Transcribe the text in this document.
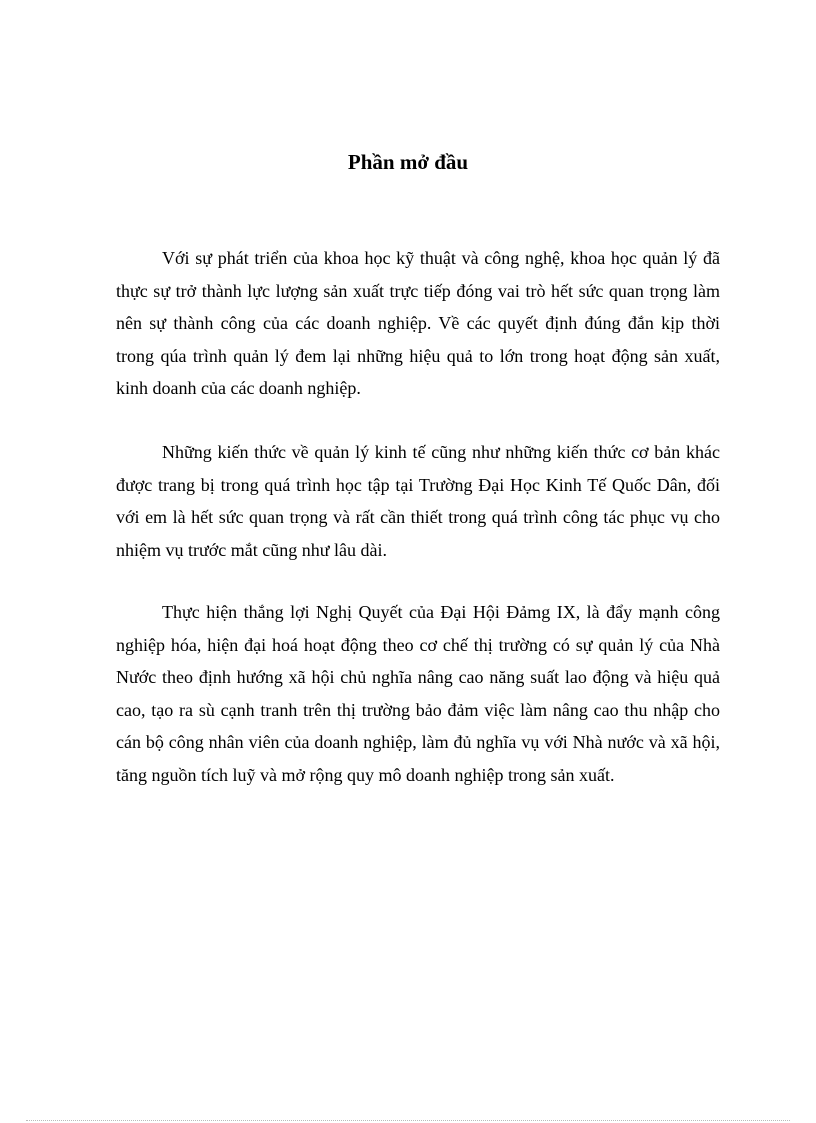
Phần mở đầu

Với sự phát triển của khoa học kỹ thuật và công nghệ, khoa học quản lý đã thực sự trở thành lực lượng sản xuất trực tiếp đóng vai trò hết sức quan trọng làm nên sự thành công của các doanh nghiệp. Về các quyết định đúng đắn kịp thời trong qúa trình quản lý đem lại những hiệu quả to lớn trong hoạt động sản xuất, kinh doanh của các doanh nghiệp.

Những kiến thức về quản lý kinh tế cũng như những kiến thức cơ bản khác được trang bị trong quá trình học tập tại Trường Đại Học Kinh Tế Quốc Dân, đối với em là hết sức quan trọng và rất cần thiết trong quá trình công tác phục vụ cho nhiệm vụ trước mắt cũng như lâu dài.

Thực hiện thắng lợi Nghị Quyết của Đại Hội Đảmg IX, là đẩy mạnh công nghiệp hóa, hiện đại hoá hoạt động theo cơ chế thị trường có sự quản lý của Nhà Nước theo định hướng xã hội chủ nghĩa nâng cao năng suất lao động và hiệu quả cao, tạo ra sù cạnh tranh trên thị trường bảo đảm việc làm nâng cao thu nhập cho cán bộ công nhân viên của doanh nghiệp, làm đủ nghĩa vụ với Nhà nước và xã hội, tăng nguồn tích luỹ và mở rộng quy mô doanh nghiệp trong sản xuất.
